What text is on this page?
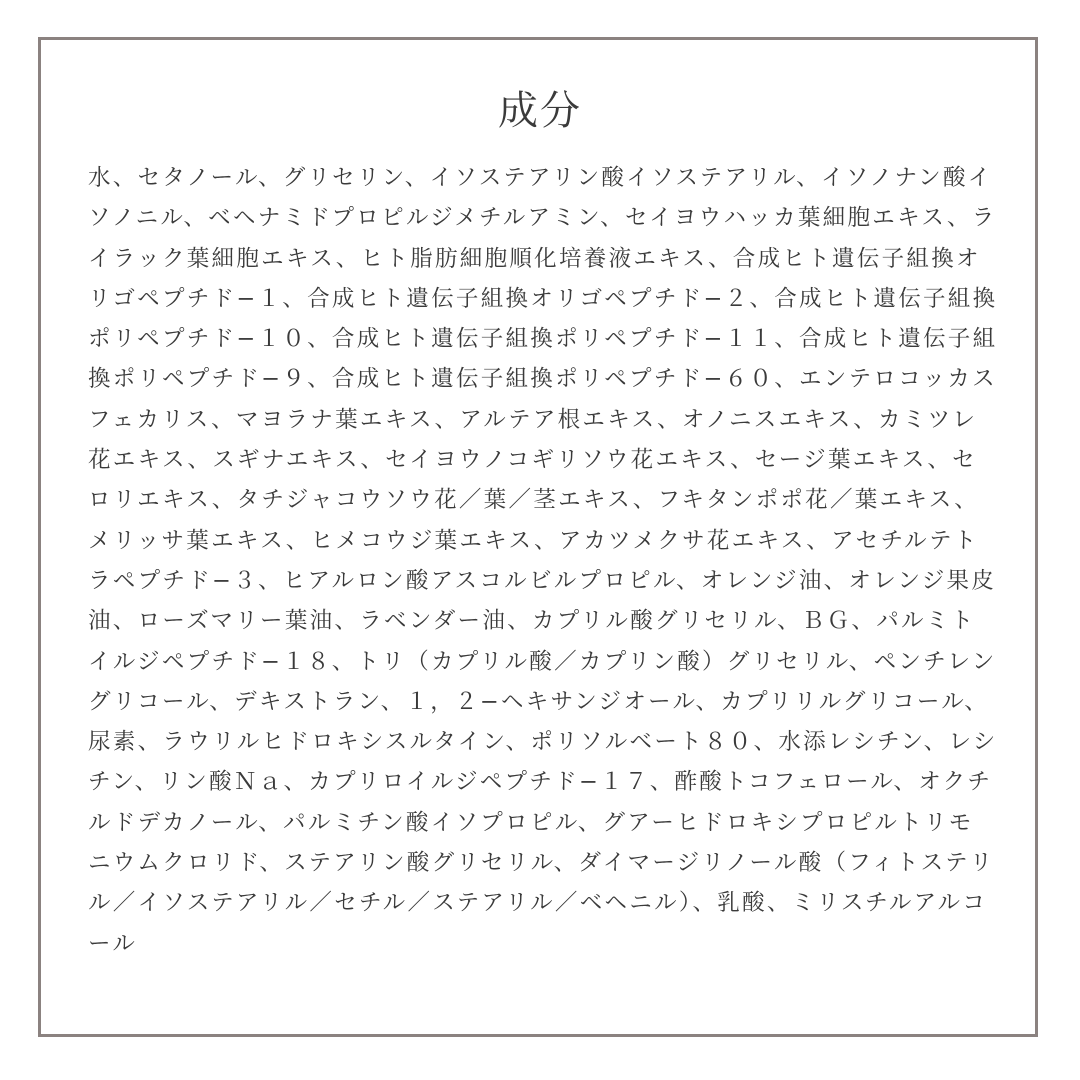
成分

水、セタノール、グリセリン、イソステアリン酸イソステアリル、イソノナン酸イソノニル、ベヘナミドプロピルジメチルアミン、セイヨウハッカ葉細胞エキス、ライラック葉細胞エキス、ヒト脂肪細胞順化培養液エキス、合成ヒト遺伝子組換オリゴペプチド−１、合成ヒト遺伝子組換オリゴペプチド−２、合成ヒト遺伝子組換ポリペプチド−１０、合成ヒト遺伝子組換ポリペプチド−１１、合成ヒト遺伝子組換ポリペプチド−９、合成ヒト遺伝子組換ポリペプチド−６０、エンテロコッカスフェカリス、マヨラナ葉エキス、アルテア根エキス、オノニスエキス、カミツレ花エキス、スギナエキス、セイヨウノコギリソウ花エキス、セージ葉エキス、セロリエキス、タチジャコウソウ花／葉／茎エキス、フキタンポポ花／葉エキス、メリッサ葉エキス、ヒメコウジ葉エキス、アカツメクサ花エキス、アセチルテトラペプチド−３、ヒアルロン酸アスコルビルプロピル、オレンジ油、オレンジ果皮油、ローズマリー葉油、ラベンダー油、カプリル酸グリセリル、ＢＧ、パルミトイルジペプチド−１８、トリ（カプリル酸／カプリン酸）グリセリル、ペンチレングリコール、デキストラン、１，２−ヘキサンジオール、カプリリルグリコール、尿素、ラウリルヒドロキシスルタイン、ポリソルベート８０、水添レシチン、レシチン、リン酸Ｎａ、カプリロイルジペプチド−１７、酢酸トコフェロール、オクチルドデカノール、パルミチン酸イソプロピル、グアーヒドロキシプロピルトリモニウムクロリド、ステアリン酸グリセリル、ダイマージリノール酸（フィトステリル／イソステアリル／セチル／ステアリル／ベヘニル）、乳酸、ミリスチルアルコール
